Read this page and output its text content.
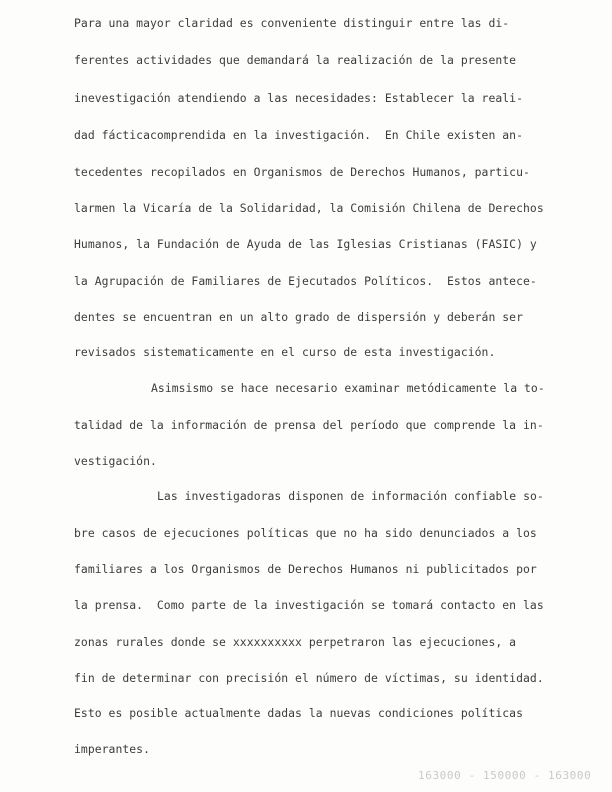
Para una mayor claridad es conveniente distinguir entre las di-
ferentes actividades que demandará la realización de la presente
inevestigación atendiendo a las necesidades: Establecer la reali-
dad fácticacomprendida en la investigación.  En Chile existen an-
tecedentes recopilados en Organismos de Derechos Humanos, particu-
larmen la Vicaría de la Solidaridad, la Comisión Chilena de Derechos
Humanos, la Fundación de Ayuda de las Iglesias Cristianas (FASIC) y
la Agrupación de Familiares de Ejecutados Políticos.  Estos antece-
dentes se encuentran en un alto grado de dispersión y deberán ser
revisados sistematicamente en el curso de esta investigación.
Asimsismo se hace necesario examinar metódicamente la to-
talidad de la información de prensa del período que comprende la in-
vestigación.
Las investigadoras disponen de información confiable so-
bre casos de ejecuciones políticas que no ha sido denunciados a los
familiares a los Organismos de Derechos Humanos ni publicitados por
la prensa.  Como parte de la investigación se tomará contacto en las
zonas rurales donde se xxxxxxxxxx perpetraron las ejecuciones, a
fin de determinar con precisión el número de víctimas, su identidad.
Esto es posible actualmente dadas la nuevas condiciones políticas
imperantes.
163000 - 150000 - 163000
